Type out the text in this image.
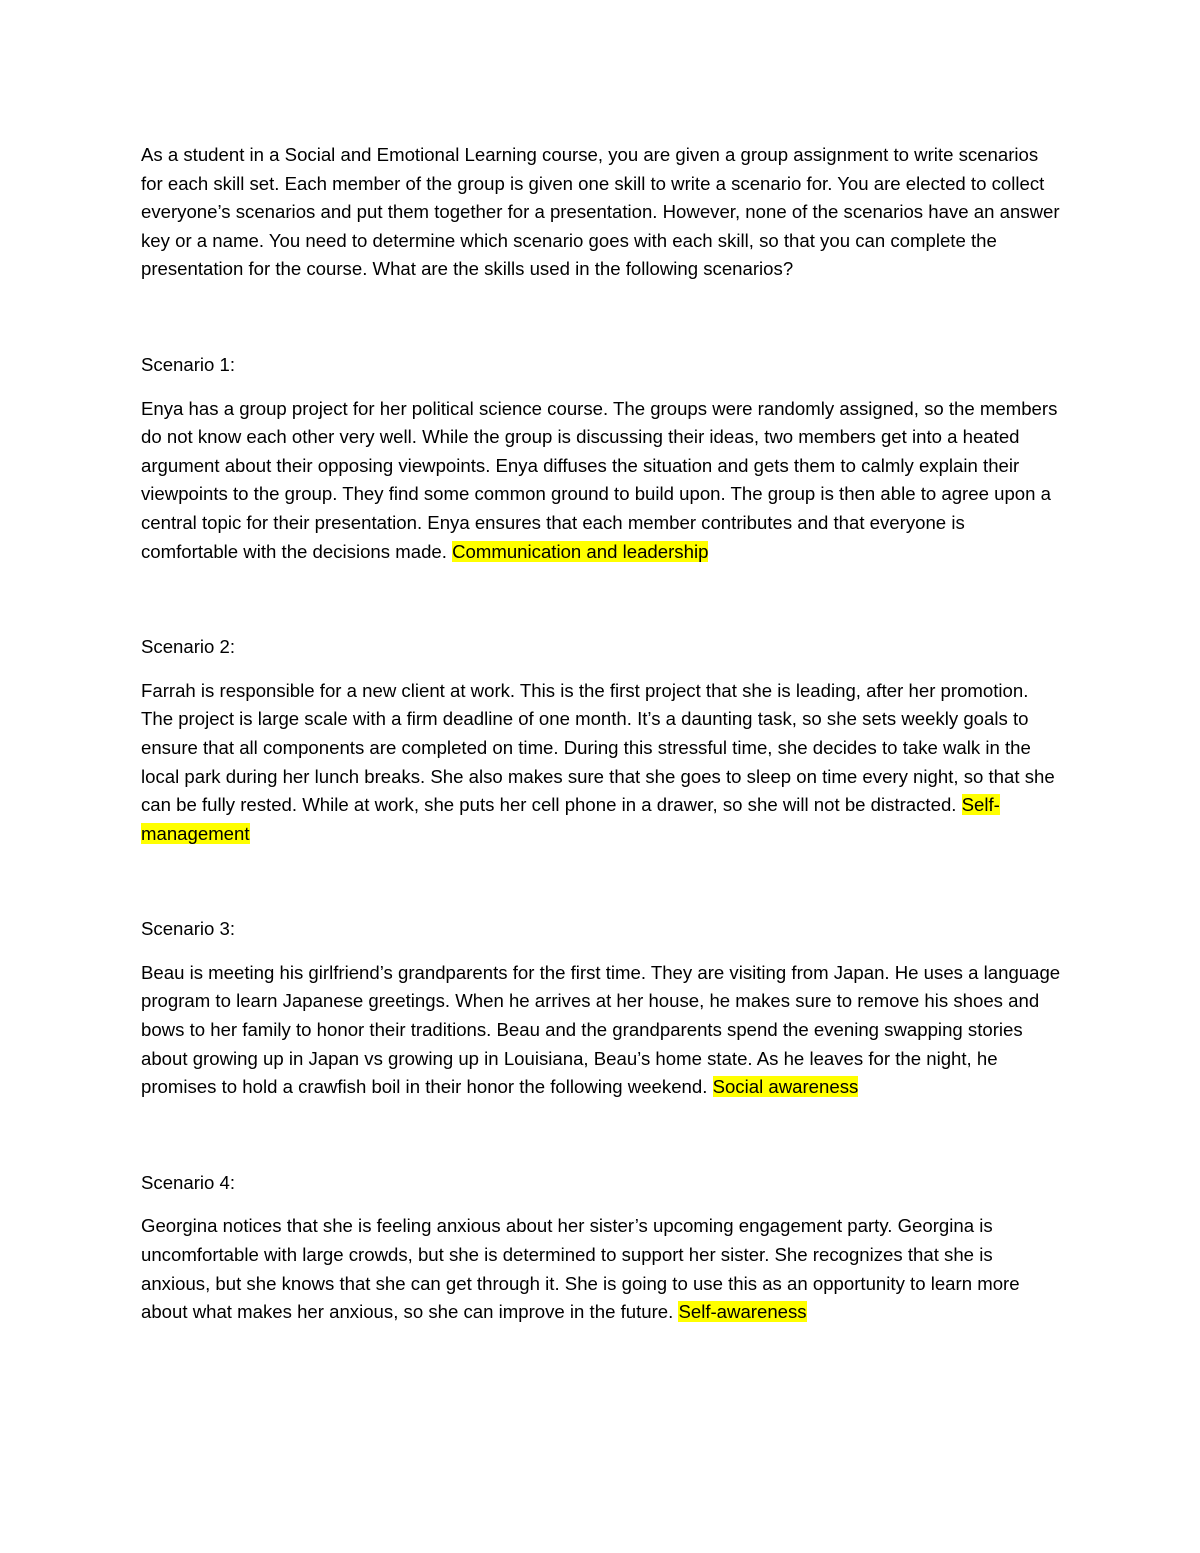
As a student in a Social and Emotional Learning course, you are given a group assignment to write scenarios for each skill set. Each member of the group is given one skill to write a scenario for. You are elected to collect everyone’s scenarios and put them together for a presentation. However, none of the scenarios have an answer key or a name. You need to determine which scenario goes with each skill, so that you can complete the presentation for the course. What are the skills used in the following scenarios?

Scenario 1:

Enya has a group project for her political science course. The groups were randomly assigned, so the members do not know each other very well. While the group is discussing their ideas, two members get into a heated argument about their opposing viewpoints. Enya diffuses the situation and gets them to calmly explain their viewpoints to the group. They find some common ground to build upon. The group is then able to agree upon a central topic for their presentation. Enya ensures that each member contributes and that everyone is comfortable with the decisions made. Communication and leadership

Scenario 2:

Farrah is responsible for a new client at work. This is the first project that she is leading, after her promotion. The project is large scale with a firm deadline of one month. It’s a daunting task, so she sets weekly goals to ensure that all components are completed on time. During this stressful time, she decides to take walk in the local park during her lunch breaks. She also makes sure that she goes to sleep on time every night, so that she can be fully rested. While at work, she puts her cell phone in a drawer, so she will not be distracted. Self-management

Scenario 3:

Beau is meeting his girlfriend’s grandparents for the first time. They are visiting from Japan. He uses a language program to learn Japanese greetings. When he arrives at her house, he makes sure to remove his shoes and bows to her family to honor their traditions. Beau and the grandparents spend the evening swapping stories about growing up in Japan vs growing up in Louisiana, Beau’s home state. As he leaves for the night, he promises to hold a crawfish boil in their honor the following weekend. Social awareness

Scenario 4:

Georgina notices that she is feeling anxious about her sister’s upcoming engagement party. Georgina is uncomfortable with large crowds, but she is determined to support her sister. She recognizes that she is anxious, but she knows that she can get through it. She is going to use this as an opportunity to learn more about what makes her anxious, so she can improve in the future. Self-awareness
